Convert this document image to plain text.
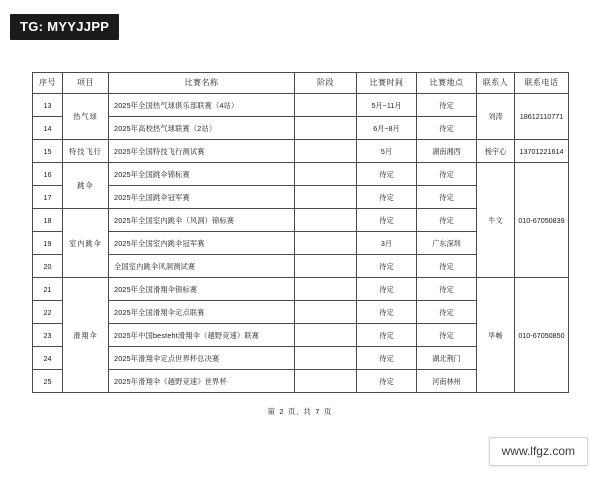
TG: MYYJJPP
序号	项目	比赛名称	阶段	比赛时间	比赛地点	联系人	联系电话
13	热气球	2025年全国热气球俱乐部联赛（4站）		5月~11月	待定	刘涛	18612110771
14		2025年高校热气球联赛（2站）		6月~8月	待定		
15	特技飞行	2025年全国特技飞行测试赛		5月	湖南湘西	杨宇心	13701221614
16	跳伞	2025年全国跳伞锦标赛		待定	待定	牛文	010-67050839
17		2025年全国跳伞冠军赛		待定	待定		
18	室内跳伞	2025年全国室内跳伞（风洞）锦标赛		待定	待定		
19		2025年全国室内跳伞冠军赛		3月	广东深圳		
20		全国室内跳伞风洞测试赛		待定	待定		
21	滑翔伞	2025年全国滑翔伞锦标赛		待定	待定	毕畅	010-67050850
22		2025年全国滑翔伞定点联赛		待定	待定		
23		2025年中国besteht滑翔伞（越野竞速）联赛		待定	待定		
24		2025年滑翔伞定点世界杯总决赛		待定	湖北荆门		
25		2025年滑翔伞《越野竞速》世界杯		待定	河南林州		
第 2 页, 共 7 页
www.lfgz.com
